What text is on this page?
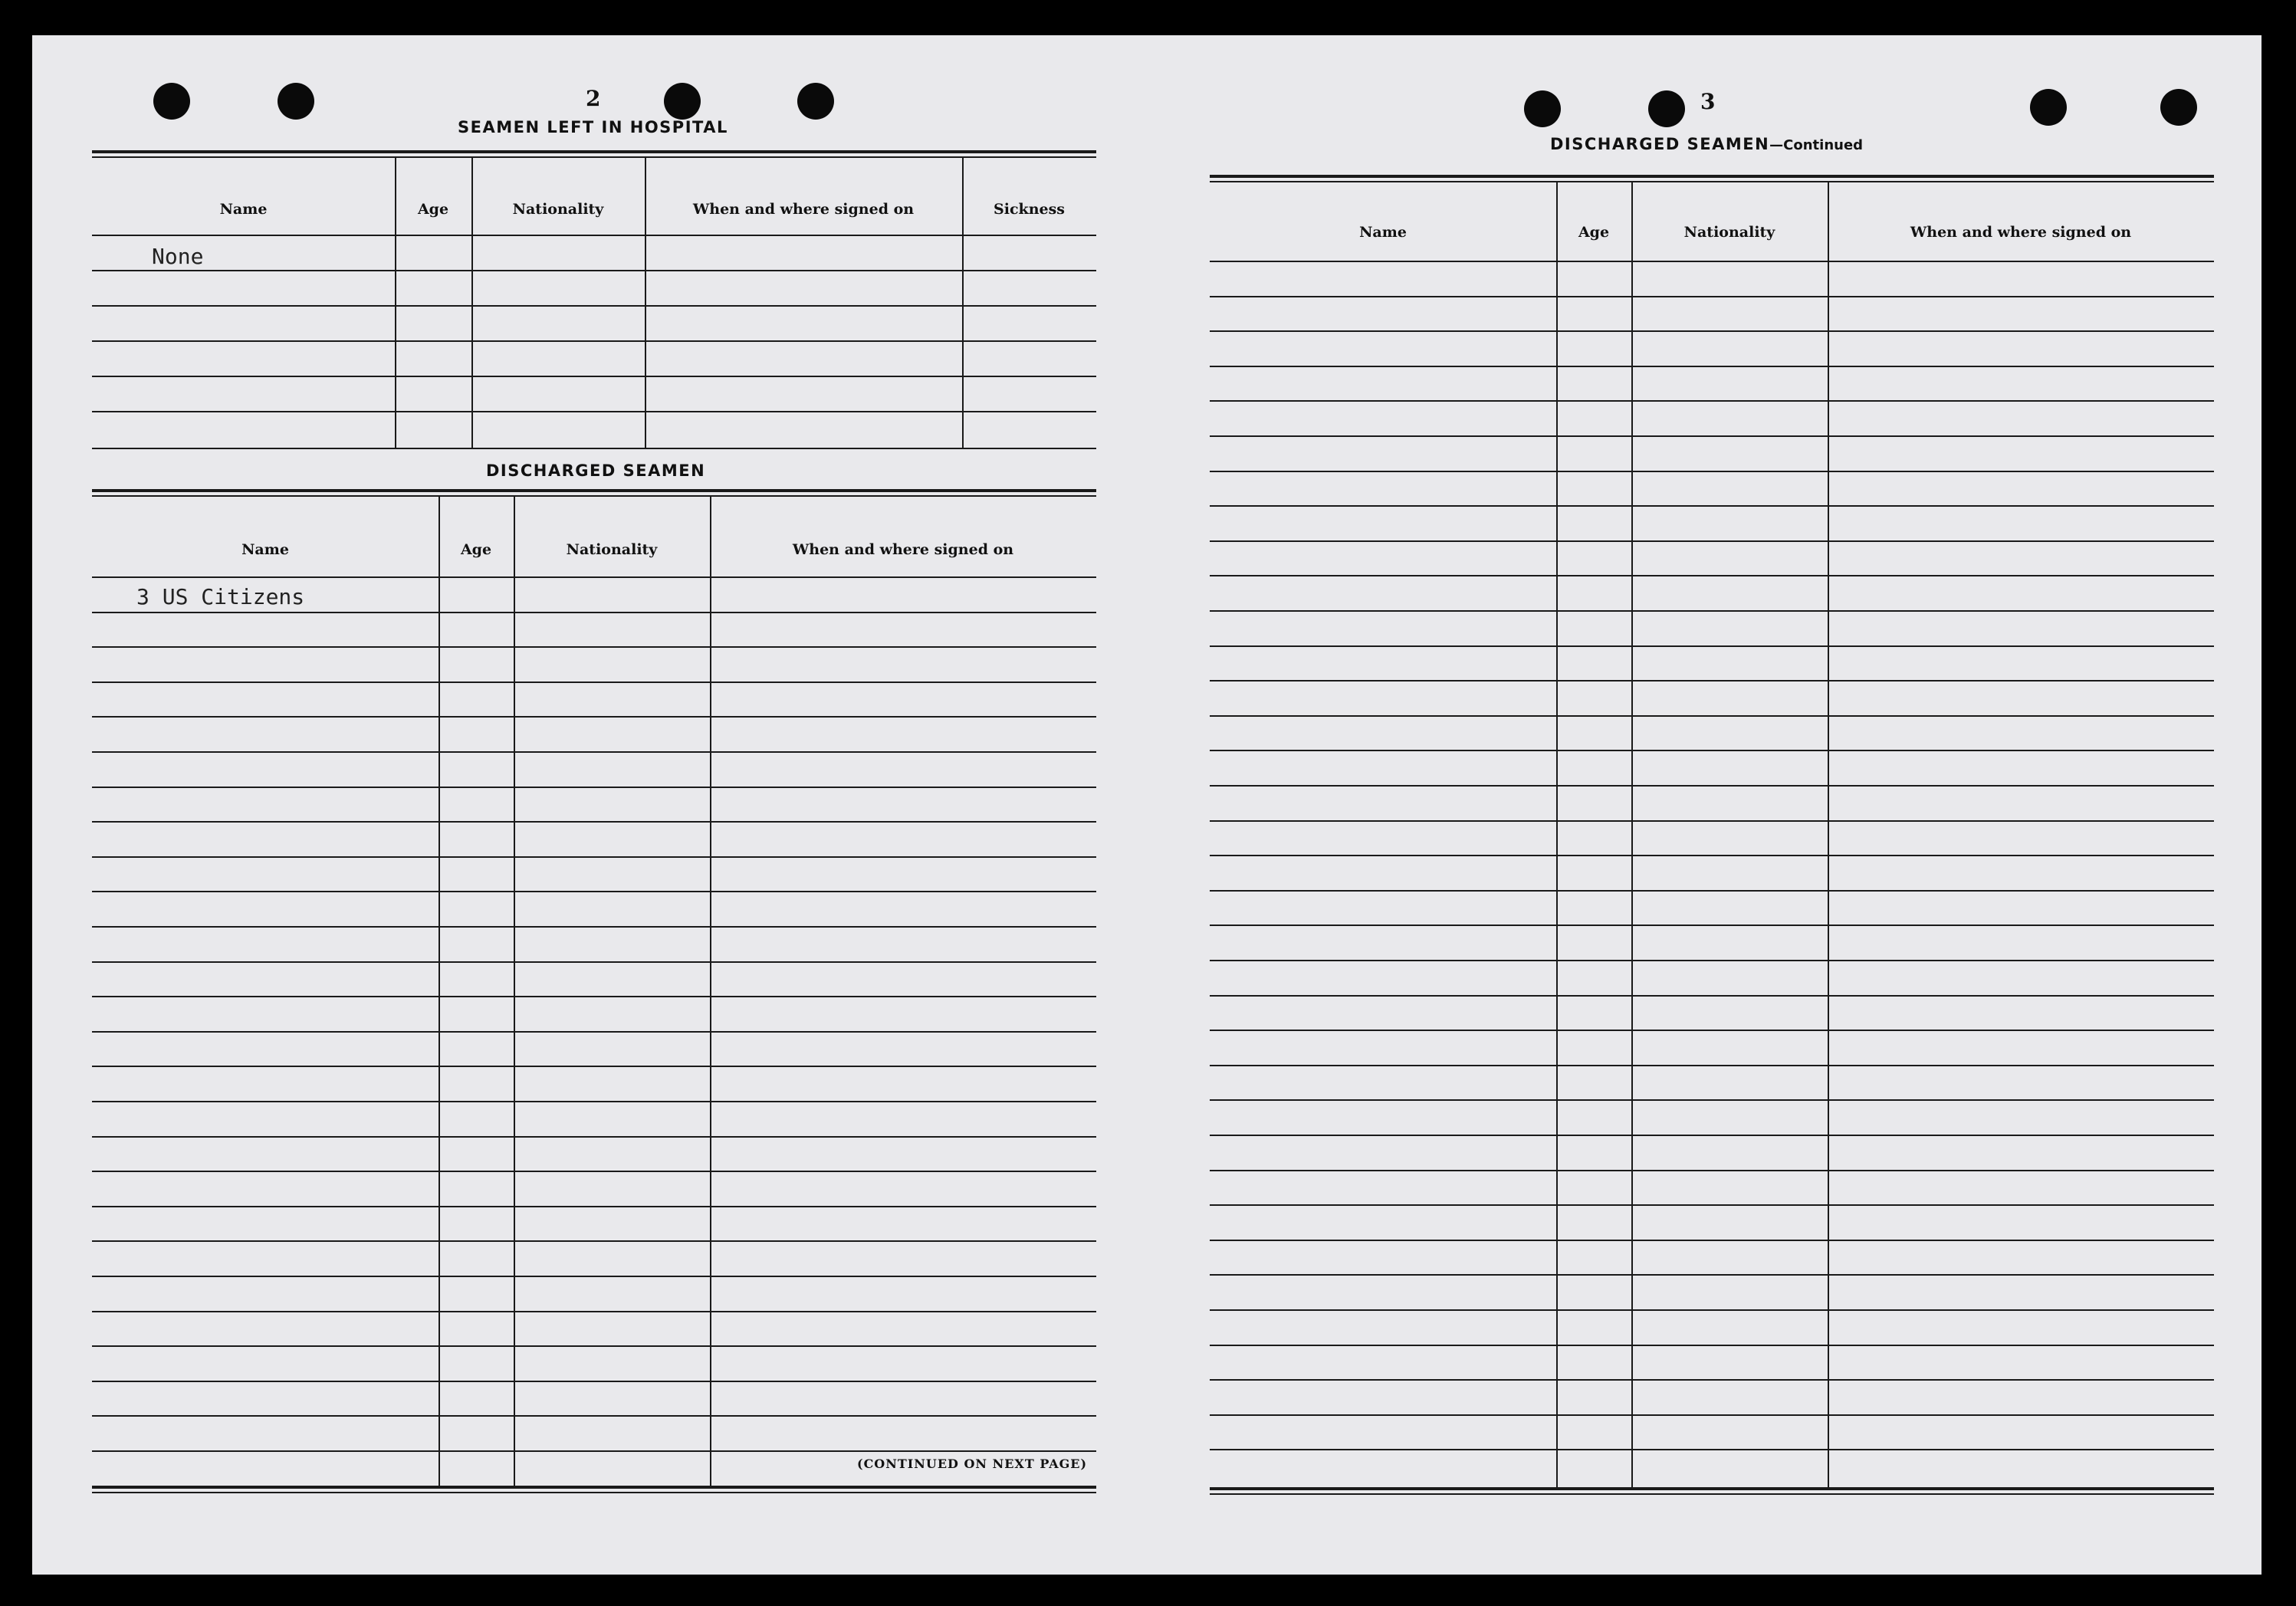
2
SEAMEN LEFT IN HOSPITAL
Name	Age	Nationality	When and where signed on	Sickness
None
DISCHARGED SEAMEN
Name	Age	Nationality	When and where signed on
3 US Citizens
(CONTINUED ON NEXT PAGE)
3
DISCHARGED SEAMEN—Continued
Name	Age	Nationality	When and where signed on
